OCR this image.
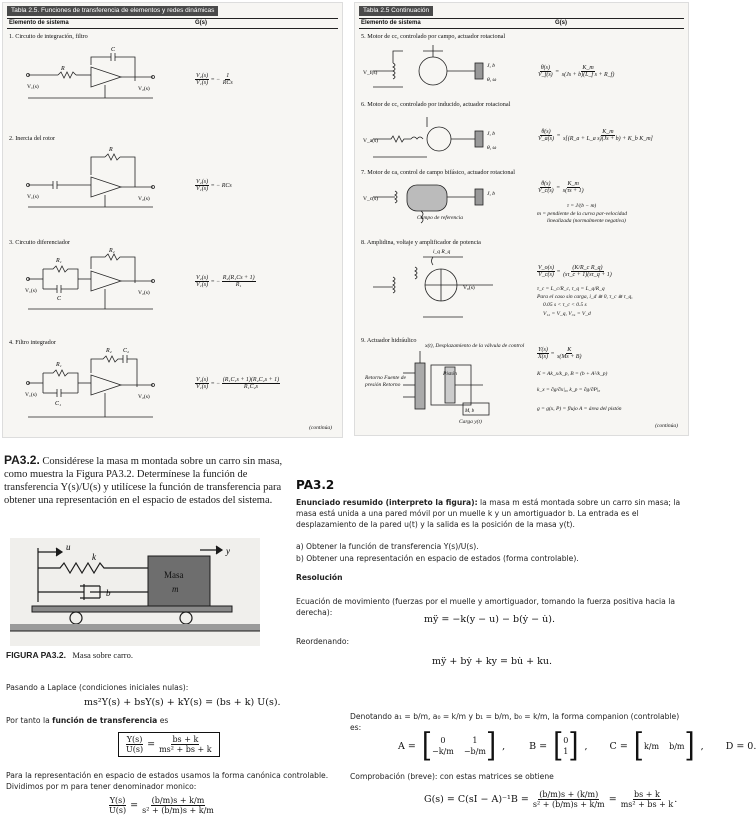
Tabla 2.5. Funciones de transferencia de elementos y redes dinámicas
Elemento de sistema	G(s)
1. Circuito de integración, filtro
R
C
V₁(s)	V₂(s)
$\frac{\text{V₂(s)}}{\text{V₁(s)}}$ = − $\frac{1}{\text{RCs}}$
2. Inercia del rotor
R
V₁(s)	V₂(s)
$\frac{\text{V₂(s)}}{\text{V₁(s)}}$ = − RCs
3. Circuito diferenciador
R₁
C
R₂
V₁(s)	V₂(s)
$\frac{\text{V₂(s)}}{\text{V₁(s)}}$ = − $\frac{\text{R₂(R₁Cs + 1)}}{\text{R₁}}$
4. Filtro integrador
R₁
C₁
R₂ C₂
V₁(s)	V₂(s)
$\frac{\text{V₂(s)}}{\text{V₁(s)}}$ = − $\frac{\text{(R₁C₁s + 1)(R₂C₂s + 1)}}{\text{R₁C₂s}}$
(continúa)
Tabla 2.5 Continuación
Elemento de sistema	G(s)
5. Motor de cc, controlado por campo, actuador rotacional
V_f(s)
J, b
θ, ω
$\frac{\theta(s)}{V\_f(s)} = \frac{K\_m}{\text{s(Js + b)(L\_f s + R\_f)}}$
6. Motor de cc, controlado por inducido, actuador rotacional
V_a(s)
J, b
θ, ω
$\frac{\theta(s)}{V\_a(s)} = \frac{K\_m}{\text{s[(R\_a + L\_a s)(Js + b) + K\_b K\_m]}}$
7. Motor de ca, control de campo bifásico, actuador rotacional
V_c(s)
J, b
Campo de referencia
$\frac{\theta(s)}{V\_c(s)} = \frac{K\_m}{s(\tau s + 1)}$
τ = J/(b − m)
m = pendiente de la curva par-velocidad
linealizada (normalmente negativa)
8. Amplidina, voltaje y amplificador de potencia
i_q R_q
V₀(s)
$\frac{V\_o(s)}{V\_c(s)} = \frac{\text{(K/R\_c R\_q)}}{(s\tau\_c + 1)(s\tau\_q + 1)}$
τ_c = L_c/R_c, τ_q = L_q/R_q
Para el caso sin carga, i_d ≅ 0, τ_c ≅ τ_q,
0.05 s < τ_c < 0.5 s
V₁₂ = V_q, V₃₄ = V_d
9. Actuador hidráulico
M, b
x(t), Desplazamiento de la válvula de control
Retorno Fuente de presión Retorno
Pistón
Carga y(t)
$\frac{Y(s)}{X(s)} = \frac{K}{s(Ms + B)}$
K = Ak_x/k_p, B = (b + A²/k_p)
k_x = ∂g/∂x|₀, k_p = ∂g/∂P|₀
g = g(x, P) = flujo A = área del pistón
(continúa)
PA3.2. Considérese la masa m montada sobre un carro sin masa, como muestra la Figura PA3.2. Determínese la función de transferencia Y(s)/U(s) y utilícese la función de transferencia para obtener una representación en el espacio de estados del sistema.
u
k
b
y
Masa
m
FIGURA PA3.2. Masa sobre carro.
PA3.2
Enunciado resumido (interpreto la figura): la masa m está montada sobre un carro sin masa; la masa está unida a una pared móvil por un muelle k y un amortiguador b. La entrada es el desplazamiento de la pared u(t) y la salida es la posición de la masa y(t).
a) Obtener la función de transferencia Y(s)/U(s).
b) Obtener una representación en espacio de estados (forma controlable).
Resolución
Ecuación de movimiento (fuerzas por el muelle y amortiguador, tomando la fuerza positiva hacia la derecha):
mÿ = −k(y − u) − b(ẏ − u̇).
Reordenando:
mÿ + bẏ + ky = bu̇ + ku.
Pasando a Laplace (condiciones iniciales nulas):
ms²Y(s) + bsY(s) + kY(s) = (bs + k) U(s).
Por tanto la función de transferencia es
$\frac{Y(s)}{U(s)} = \frac{bs + k}{\text{ms² + bs + k}}$
Para la representación en espacio de estados usamos la forma canónica controlable. Dividimos por m para tener denominador monico:
$\frac{Y(s)}{U(s)} = \frac{(b/m)s + k/m}{\text{s² + (b/m)s + k/m}}$
Denotando a₁ = b/m, a₀ = k/m y b₁ = b/m, b₀ = k/m, la forma companion (controlable) es:
A = [	0	1
−k/m −b/m ] ,	B = [ 0
1 ] , C = [ k/m b/m ] , D = 0.
Comprobación (breve): con estas matrices se obtiene
$G(s) = C(sI - A)^{-1}B = \frac{(b/m)s + (k/m)}{\text{s² + (b/m)s + k/m}} = \frac{bs + k}{\text{ms² + bs + k}}$ .
